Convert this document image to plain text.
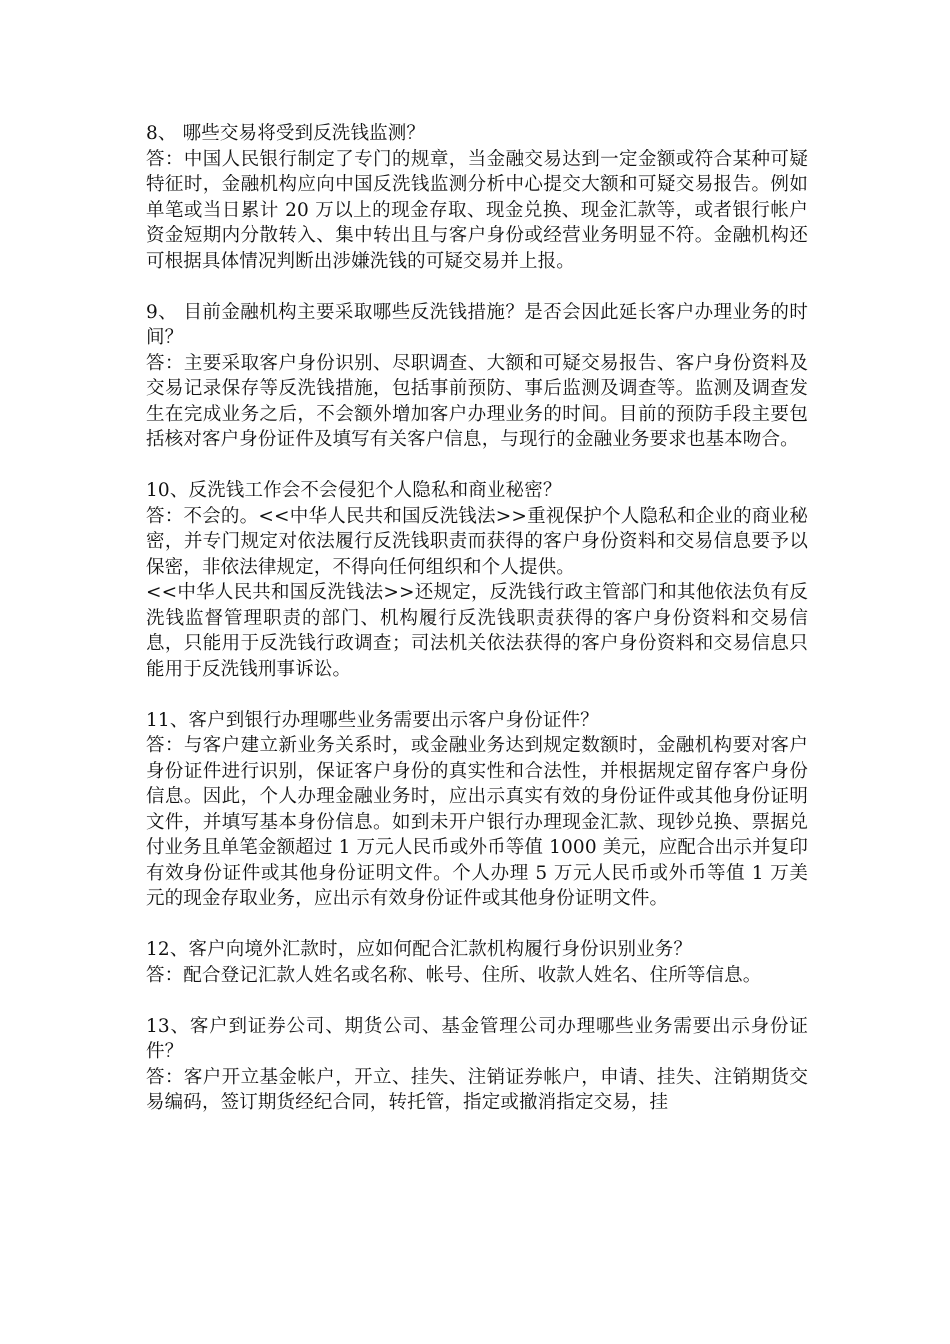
8、 哪些交易将受到反洗钱监测？

答：中国人民银行制定了专门的规章，当金融交易达到一定金额或符合某种可疑特征时，金融机构应向中国反洗钱监测分析中心提交大额和可疑交易报告。例如单笔或当日累计 20 万以上的现金存取、现金兑换、现金汇款等，或者银行帐户资金短期内分散转入、集中转出且与客户身份或经营业务明显不符。金融机构还可根据具体情况判断出涉嫌洗钱的可疑交易并上报。

9、 目前金融机构主要采取哪些反洗钱措施？是否会因此延长客户办理业务的时间？

答：主要采取客户身份识别、尽职调查、大额和可疑交易报告、客户身份资料及交易记录保存等反洗钱措施，包括事前预防、事后监测及调查等。监测及调查发生在完成业务之后，不会额外增加客户办理业务的时间。目前的预防手段主要包括核对客户身份证件及填写有关客户信息，与现行的金融业务要求也基本吻合。

10、反洗钱工作会不会侵犯个人隐私和商业秘密？

答：不会的。<<中华人民共和国反洗钱法>>重视保护个人隐私和企业的商业秘密，并专门规定对依法履行反洗钱职责而获得的客户身份资料和交易信息要予以保密，非依法律规定，不得向任何组织和个人提供。

<<中华人民共和国反洗钱法>>还规定，反洗钱行政主管部门和其他依法负有反洗钱监督管理职责的部门、机构履行反洗钱职责获得的客户身份资料和交易信息，只能用于反洗钱行政调查；司法机关依法获得的客户身份资料和交易信息只能用于反洗钱刑事诉讼。

11、客户到银行办理哪些业务需要出示客户身份证件？

答：与客户建立新业务关系时，或金融业务达到规定数额时，金融机构要对客户身份证件进行识别，保证客户身份的真实性和合法性，并根据规定留存客户身份信息。因此，个人办理金融业务时，应出示真实有效的身份证件或其他身份证明文件，并填写基本身份信息。如到未开户银行办理现金汇款、现钞兑换、票据兑付业务且单笔金额超过 1 万元人民币或外币等值 1000 美元，应配合出示并复印有效身份证件或其他身份证明文件。个人办理 5 万元人民币或外币等值 1 万美元的现金存取业务，应出示有效身份证件或其他身份证明文件。

12、客户向境外汇款时，应如何配合汇款机构履行身份识别业务？

答：配合登记汇款人姓名或名称、帐号、住所、收款人姓名、住所等信息。

13、客户到证券公司、期货公司、基金管理公司办理哪些业务需要出示身份证件？

答：客户开立基金帐户，开立、挂失、注销证券帐户，申请、挂失、注销期货交易编码，签订期货经纪合同，转托管，指定或撤消指定交易，挂
